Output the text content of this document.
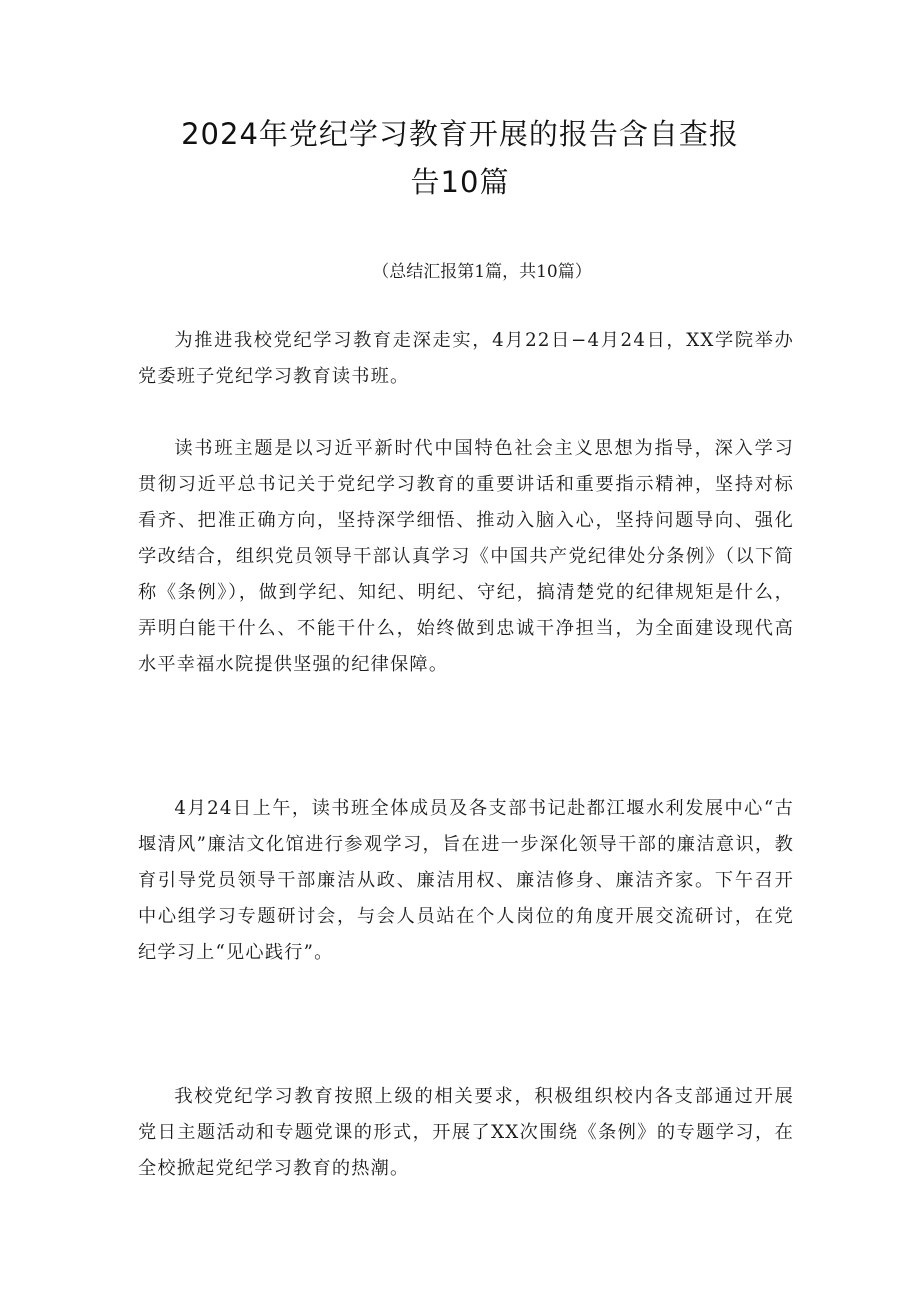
2024年党纪学习教育开展的报告含自查报
告10篇

（总结汇报第1篇，共10篇）

为推进我校党纪学习教育走深走实，4月22日−4月24日，XX学院举办党委班子党纪学习教育读书班。

读书班主题是以习近平新时代中国特色社会主义思想为指导，深入学习贯彻习近平总书记关于党纪学习教育的重要讲话和重要指示精神，坚持对标看齐、把准正确方向，坚持深学细悟、推动入脑入心，坚持问题导向、强化学改结合，组织党员领导干部认真学习《中国共产党纪律处分条例》（以下简称《条例》），做到学纪、知纪、明纪、守纪，搞清楚党的纪律规矩是什么，弄明白能干什么、不能干什么，始终做到忠诚干净担当，为全面建设现代高水平幸福水院提供坚强的纪律保障。

4月24日上午，读书班全体成员及各支部书记赴都江堰水利发展中心“古堰清风”廉洁文化馆进行参观学习，旨在进一步深化领导干部的廉洁意识，教育引导党员领导干部廉洁从政、廉洁用权、廉洁修身、廉洁齐家。下午召开中心组学习专题研讨会，与会人员站在个人岗位的角度开展交流研讨，在党纪学习上“见心践行”。

我校党纪学习教育按照上级的相关要求，积极组织校内各支部通过开展党日主题活动和专题党课的形式，开展了XX次围绕《条例》的专题学习，在全校掀起党纪学习教育的热潮。
